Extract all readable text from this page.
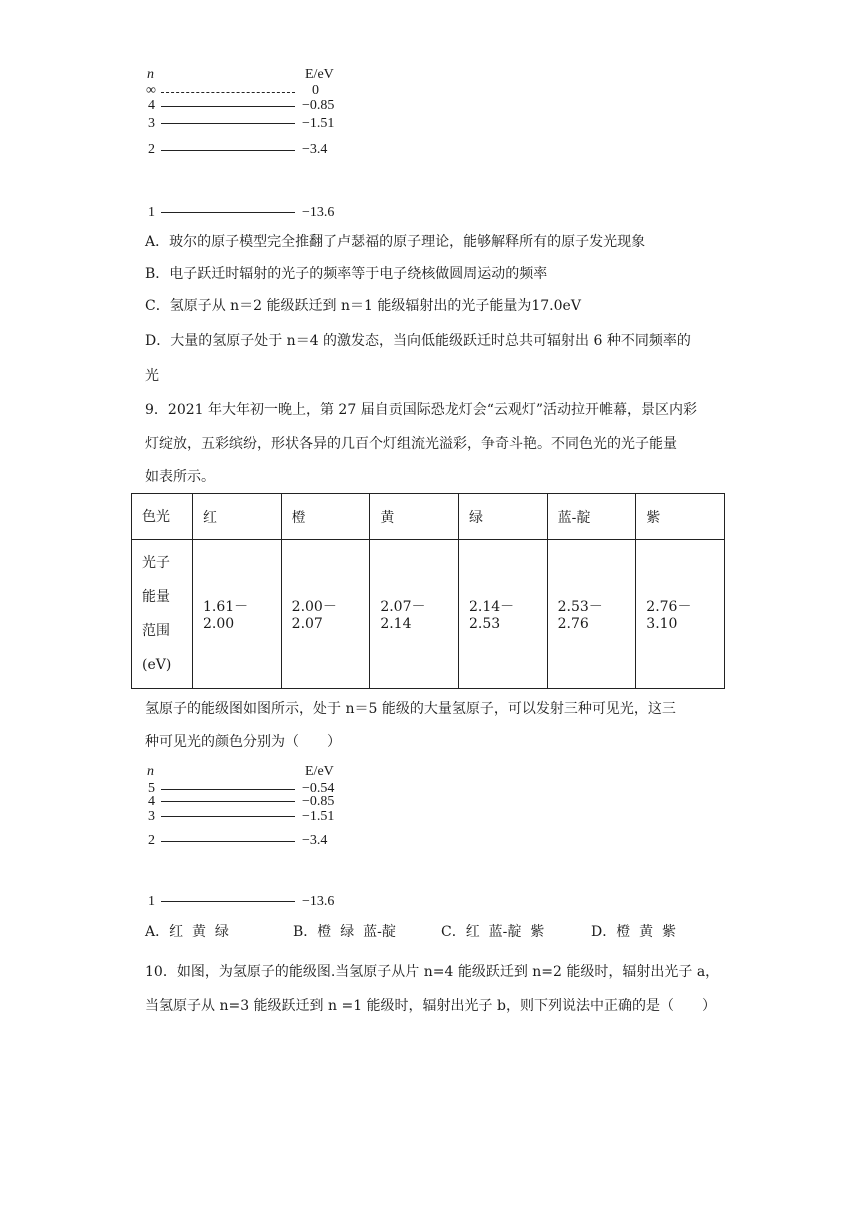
n	E/eV
∞	0
4	−0.85
3	−1.51
2	−3.4
1	−13.6
A．玻尔的原子模型完全推翻了卢瑟福的原子理论，能够解释所有的原子发光现象
B．电子跃迁时辐射的光子的频率等于电子绕核做圆周运动的频率
C．氢原子从 n＝2 能级跃迁到 n＝1 能级辐射出的光子能量为17.0eV
D．大量的氢原子处于 n＝4 的激发态，当向低能级跃迁时总共可辐射出 6 种不同频率的
光
9．2021 年大年初一晚上，第 27 届自贡国际恐龙灯会“云观灯”活动拉开帷幕，景区内彩
灯绽放，五彩缤纷，形状各异的几百个灯组流光溢彩，争奇斗艳。不同色光的光子能量
如表所示。
色光	红	橙	黄	绿	蓝-靛	紫

光子
能量
范围
(eV)	1.61－2.00	2.00－2.07	2.07－2.14	2.14－2.53	2.53－2.76	2.76－3.10
氢原子的能级图如图所示，处于 n＝5 能级的大量氢原子，可以发射三种可见光，这三
种可见光的颜色分别为（　　）
n	E/eV
5	−0.54
4	−0.85
3	−1.51
2	−3.4
1	−13.6
A．红  黄  绿	B．橙  绿  蓝-靛	C．红  蓝-靛  紫	D．橙  黄  紫
10．如图，为氢原子的能级图.当氢原子从片 n=4 能级跃迁到 n=2 能级时，辐射出光子 a，
当氢原子从 n=3 能级跃迁到 n =1 能级时，辐射出光子 b，则下列说法中正确的是（　　）
